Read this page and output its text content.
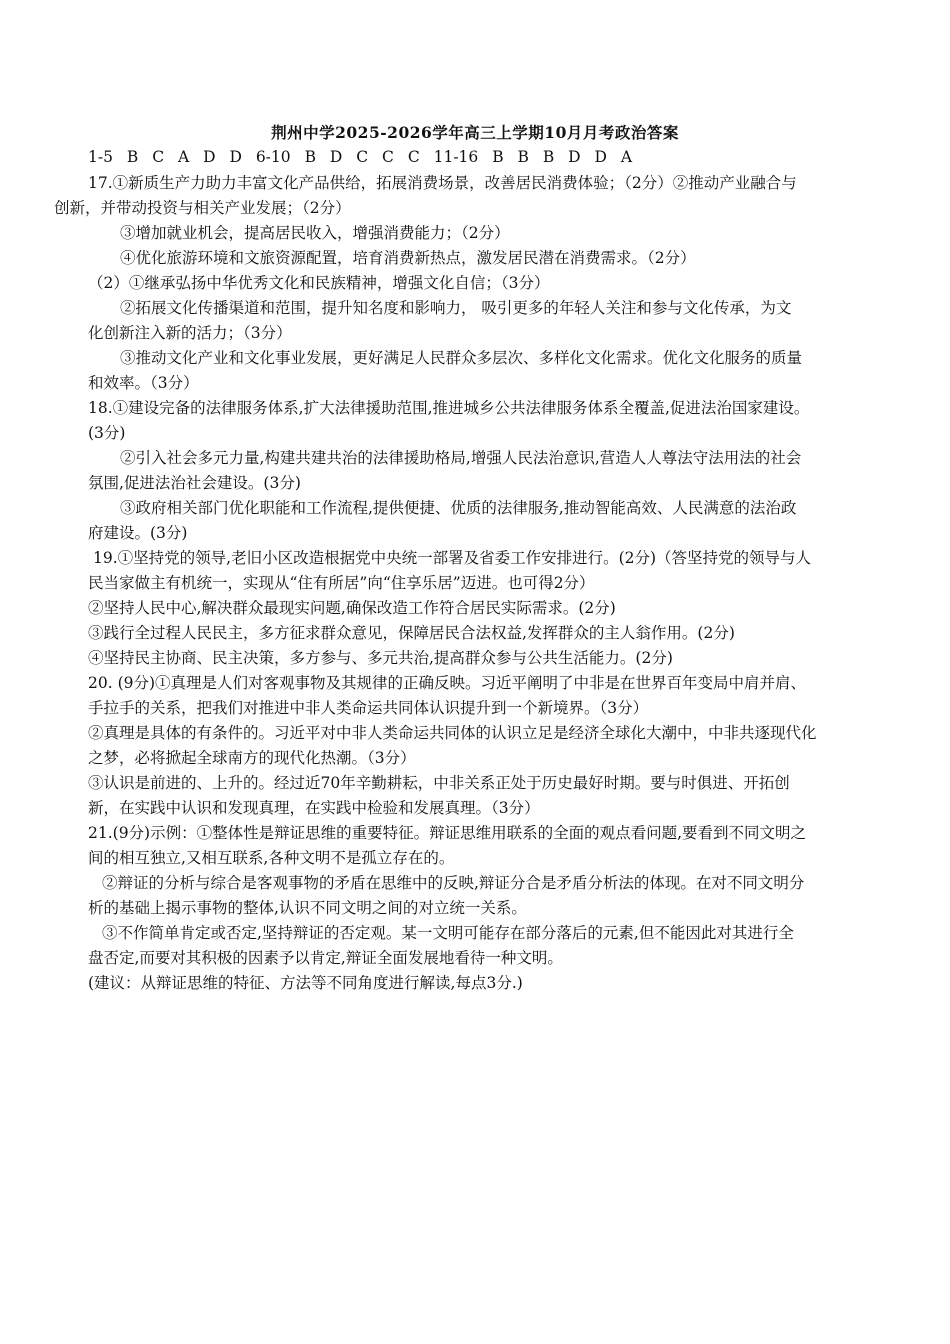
荆州中学2025-2026学年高三上学期10月月考政治答案
1-5 B C A D D 6-10 B D C C C 11-16 B B B D D A
17.①新质生产力助力丰富文化产品供给，拓展消费场景，改善居民消费体验；（2分）②推动产业融合与
创新，并带动投资与相关产业发展；（2分）
③增加就业机会，提高居民收入，增强消费能力；（2分）
④优化旅游环境和文旅资源配置，培育消费新热点，激发居民潜在消费需求。（2分）
（2）①继承弘扬中华优秀文化和民族精神，增强文化自信；（3分）
②拓展文化传播渠道和范围，提升知名度和影响力， 吸引更多的年轻人关注和参与文化传承，为文
化创新注入新的活力；（3分）
③推动文化产业和文化事业发展，更好满足人民群众多层次、多样化文化需求。优化文化服务的质量
和效率。（3分）
18.①建设完备的法律服务体系,扩大法律援助范围,推进城乡公共法律服务体系全覆盖,促进法治国家建设。
(3分)
②引入社会多元力量,构建共建共治的法律援助格局,增强人民法治意识,营造人人尊法守法用法的社会
氛围,促进法治社会建设。(3分)
③政府相关部门优化职能和工作流程,提供便捷、优质的法律服务,推动智能高效、人民满意的法治政
府建设。(3分)
19.①坚持党的领导,老旧小区改造根据党中央统一部署及省委工作安排进行。(2分)（答坚持党的领导与人
民当家做主有机统一，实现从“住有所居”向“住享乐居”迈进。也可得2分）
②坚持人民中心,解决群众最现实问题,确保改造工作符合居民实际需求。(2分)
③践行全过程人民民主，多方征求群众意见，保障居民合法权益,发挥群众的主人翁作用。(2分)
④坚持民主协商、民主决策，多方参与、多元共治,提高群众参与公共生活能力。(2分)
20. (9分)①真理是人们对客观事物及其规律的正确反映。习近平阐明了中非是在世界百年变局中肩并肩、
手拉手的关系，把我们对推进中非人类命运共同体认识提升到一个新境界。（3分）
②真理是具体的有条件的。习近平对中非人类命运共同体的认识立足是经济全球化大潮中，中非共逐现代化
之梦，必将掀起全球南方的现代化热潮。（3分）
③认识是前进的、上升的。经过近70年辛勤耕耘，中非关系正处于历史最好时期。要与时俱进、开拓创
新，在实践中认识和发现真理，在实践中检验和发展真理。（3分）
21.(9分)示例：①整体性是辩证思维的重要特征。辩证思维用联系的全面的观点看问题,要看到不同文明之
间的相互独立,又相互联系,各种文明不是孤立存在的。
②辩证的分析与综合是客观事物的矛盾在思维中的反映,辩证分合是矛盾分析法的体现。在对不同文明分
析的基础上揭示事物的整体,认识不同文明之间的对立统一关系。
③不作简单肯定或否定,坚持辩证的否定观。某一文明可能存在部分落后的元素,但不能因此对其进行全
盘否定,而要对其积极的因素予以肯定,辩证全面发展地看待一种文明。
(建议：从辩证思维的特征、方法等不同角度进行解读,每点3分.)
